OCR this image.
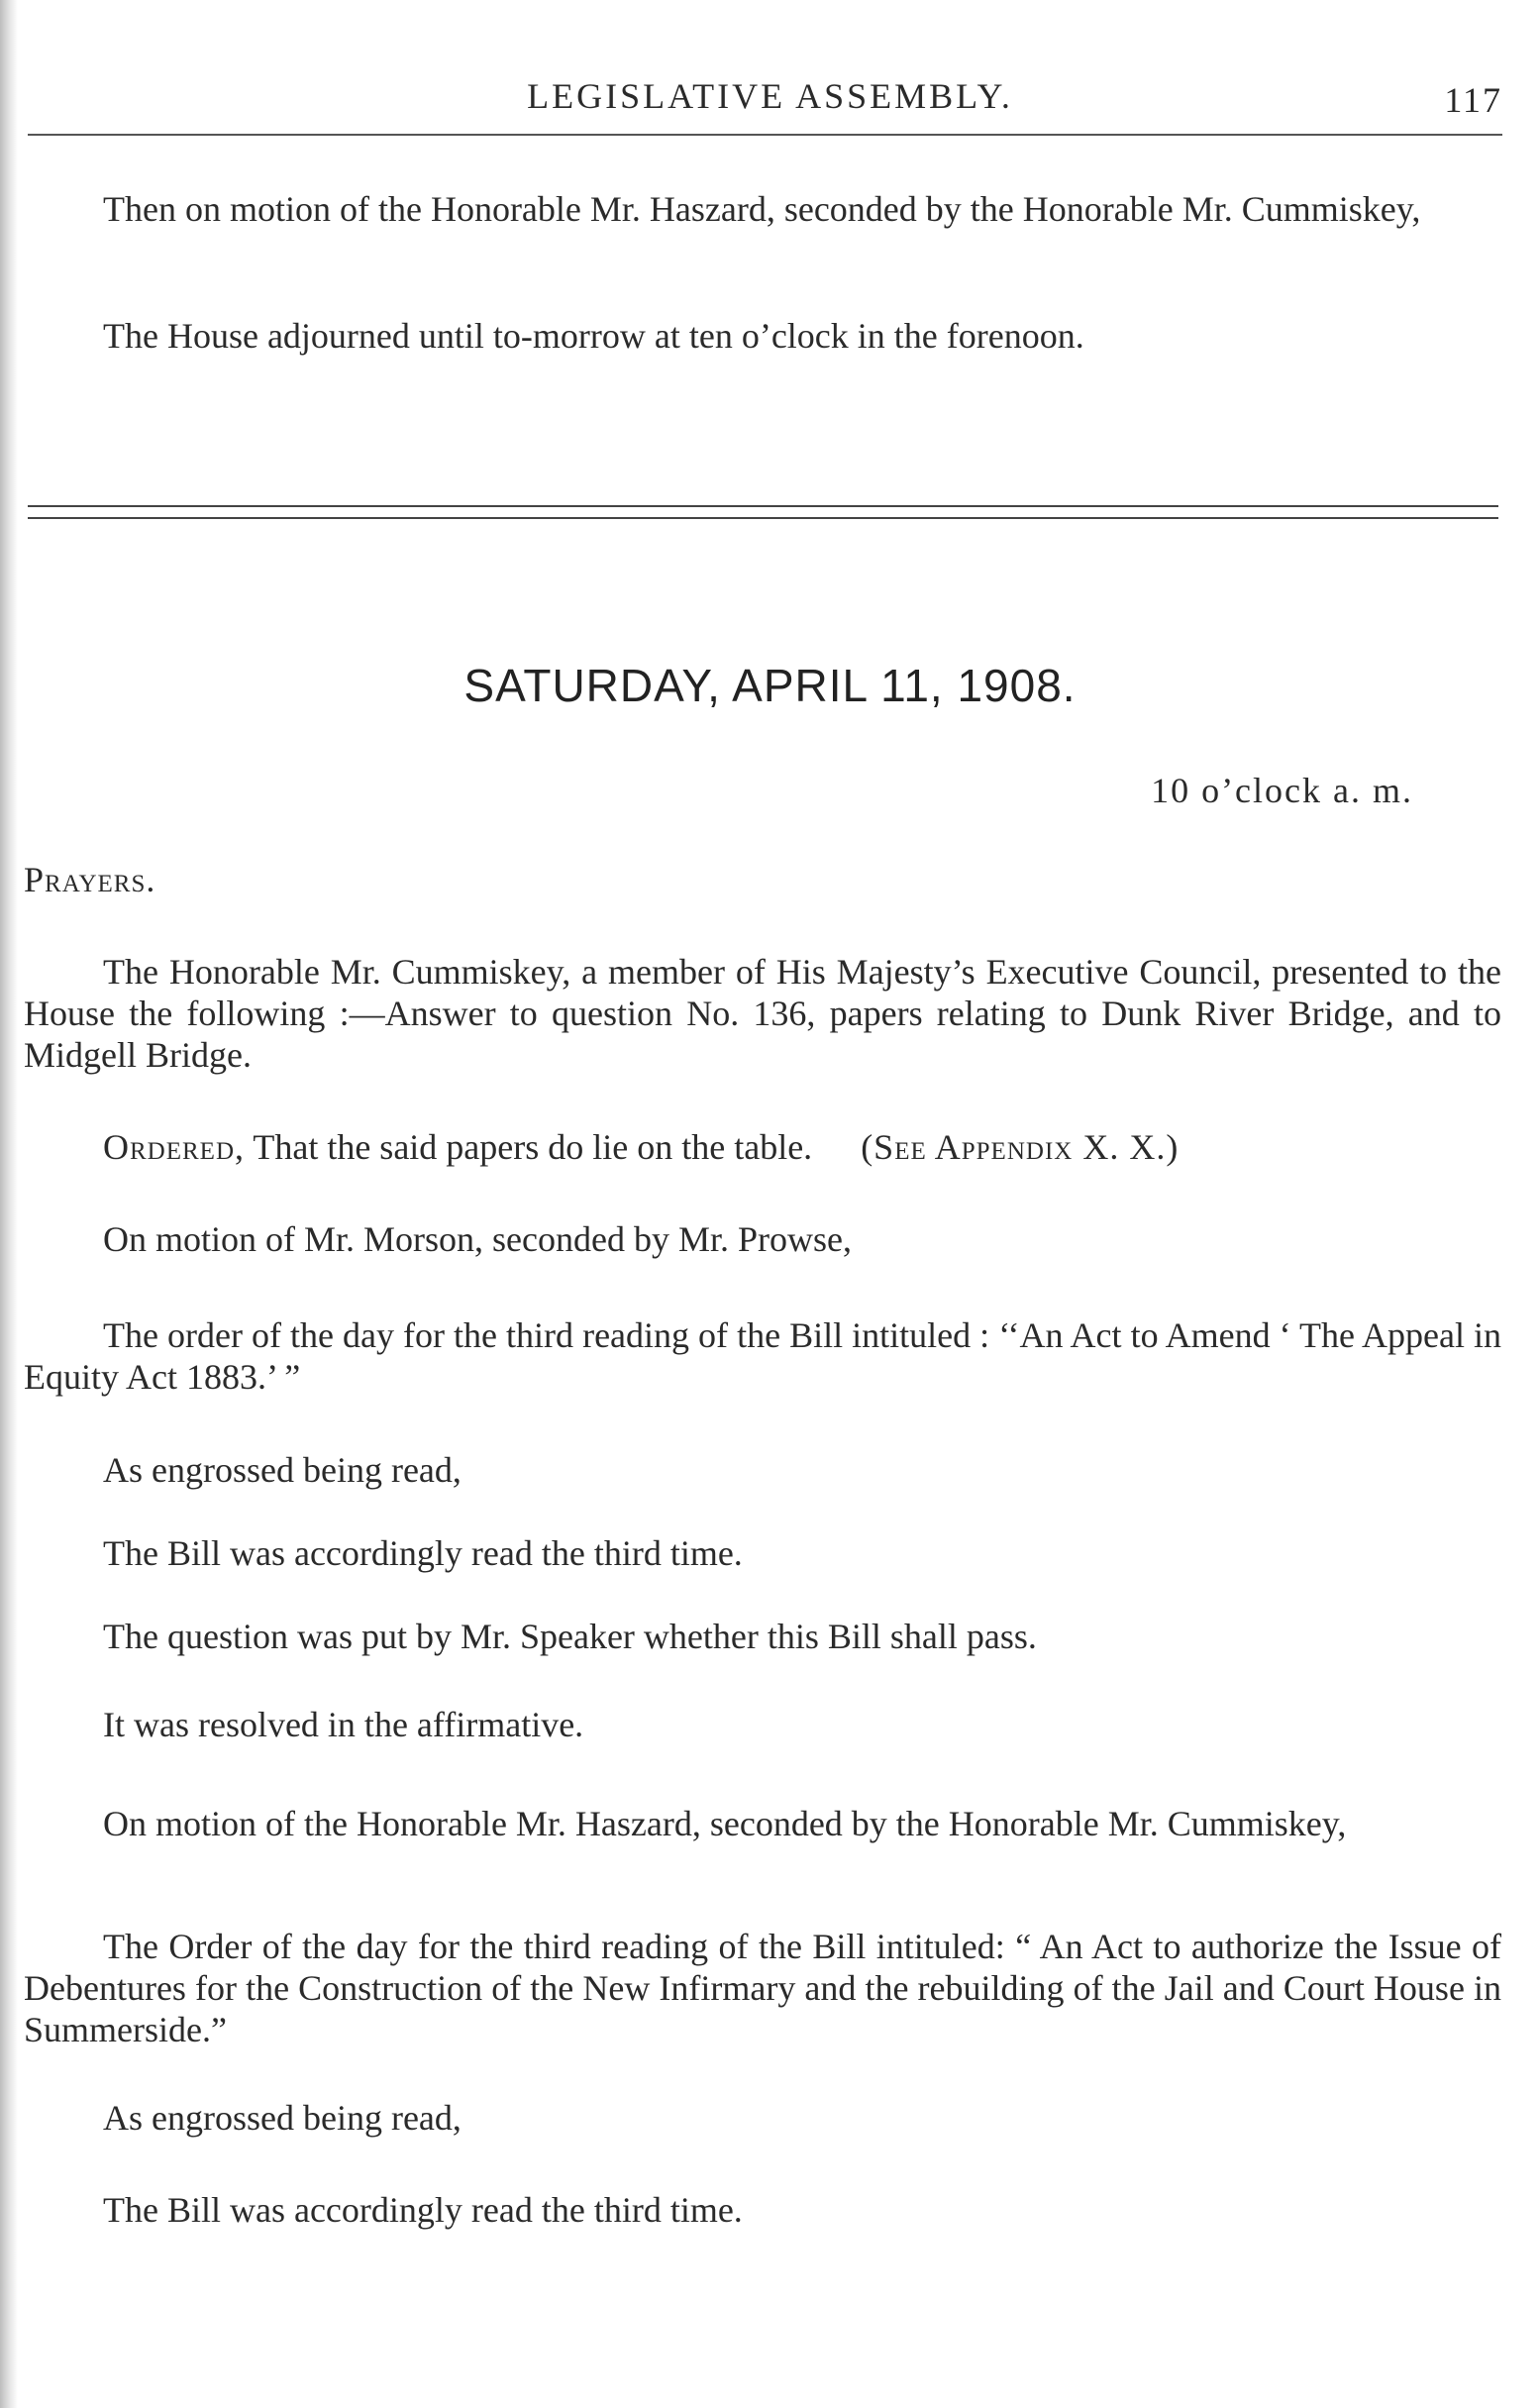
LEGISLATIVE ASSEMBLY.	117
Then on motion of the Honorable Mr. Haszard, seconded by the Honorable Mr. Cummiskey,
The House adjourned until to-morrow at ten o’clock in the forenoon.
SATURDAY, APRIL 11, 1908.
10 o’clock a. m.
Prayers.
The Honorable Mr. Cummiskey, a member of His Majesty’s Executive Council, presented to the House the following :—Answer to question No. 136, papers relating to Dunk River Bridge, and to Midgell Bridge.
Ordered, That the said papers do lie on the table. (See Appendix X. X.)
On motion of Mr. Morson, seconded by Mr. Prowse,
The order of the day for the third reading of the Bill intituled : ‘‘An Act to Amend ‘ The Appeal in Equity Act 1883.’ ”
As engrossed being read,
The Bill was accordingly read the third time.
The question was put by Mr. Speaker whether this Bill shall pass.
It was resolved in the affirmative.
On motion of the Honorable Mr. Haszard, seconded by the Honorable Mr. Cummiskey,
The Order of the day for the third reading of the Bill intituled: “ An Act to authorize the Issue of Debentures for the Construction of the New Infirmary and the rebuilding of the Jail and Court House in Summerside.”
As engrossed being read,
The Bill was accordingly read the third time.
